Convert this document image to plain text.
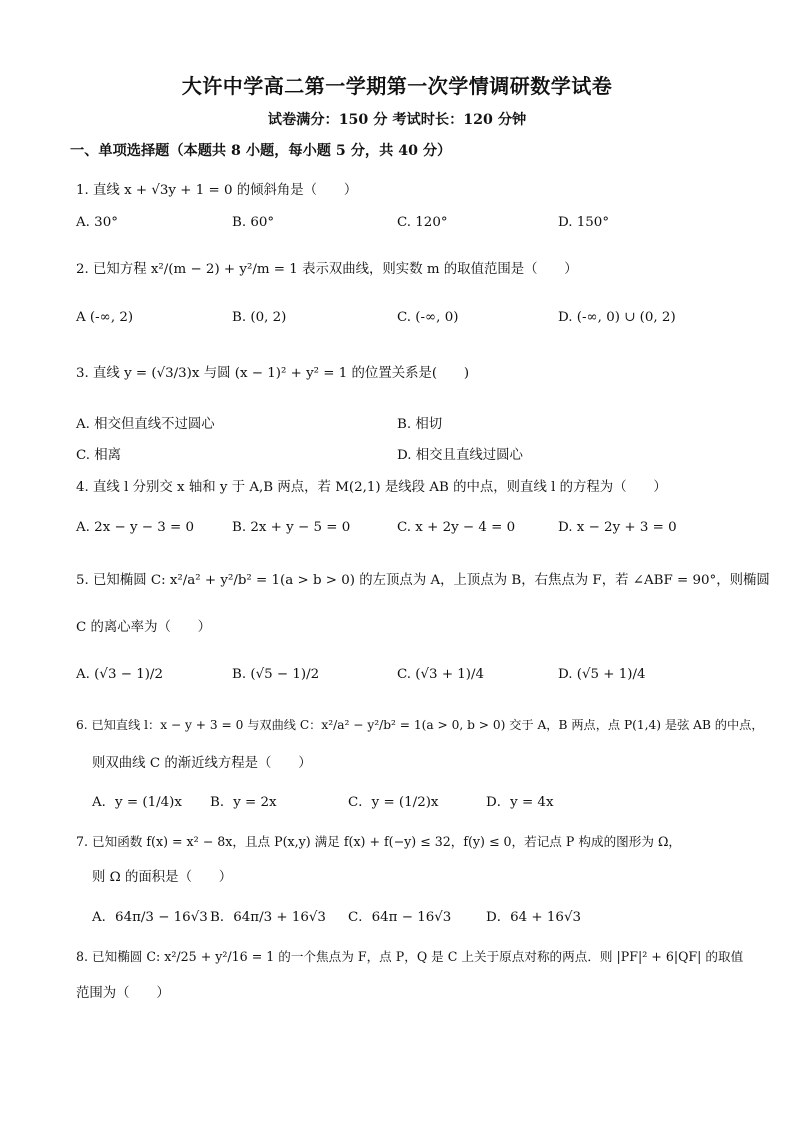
大许中学高二第一学期第一次学情调研数学试卷
试卷满分：150 分 考试时长：120 分钟
一、单项选择题（本题共 8 小题，每小题 5 分，共 40 分）
1. 直线 x + √3y + 1 = 0 的倾斜角是（　　）
A. 30°	B. 60°	C. 120°	D. 150°
2. 已知方程 x²/(m − 2) + y²/m = 1 表示双曲线，则实数 m 的取值范围是（　　）
A (-∞, 2)	B. (0, 2)	C. (-∞, 0)	D. (-∞, 0) ∪ (0, 2)
3. 直线 y = (√3/3)x 与圆 (x − 1)² + y² = 1 的位置关系是(　　)
A. 相交但直线不过圆心	B. 相切
C. 相离	D. 相交且直线过圆心
4. 直线 l 分别交 x 轴和 y 于 A,B 两点，若 M(2,1) 是线段 AB 的中点，则直线 l 的方程为（　　）
A. 2x − y − 3 = 0	B. 2x + y − 5 = 0	C. x + 2y − 4 = 0	D. x − 2y + 3 = 0
5. 已知椭圆 C: x²/a² + y²/b² = 1(a > b > 0) 的左顶点为 A，上顶点为 B，右焦点为 F，若 ∠ABF = 90°，则椭圆
C 的离心率为（　　）
A. (√3 − 1)/2	B. (√5 − 1)/2	C. (√3 + 1)/4	D. (√5 + 1)/4
6. 已知直线 l：x − y + 3 = 0 与双曲线 C：x²/a² − y²/b² = 1(a > 0, b > 0) 交于 A，B 两点，点 P(1,4) 是弦 AB 的中点，
则双曲线 C 的渐近线方程是（　　）
A．y = (1/4)x B．y = 2x	C．y = (1/2)x	D．y = 4x
7. 已知函数 f(x) = x² − 8x，且点 P(x,y) 满足 f(x) + f(−y) ≤ 32，f(y) ≤ 0，若记点 P 构成的图形为 Ω，
则 Ω 的面积是（　　）
A．64π/3 − 16√3 B．64π/3 + 16√3 C．64π − 16√3	D．64 + 16√3
8. 已知椭圆 C: x²/25 + y²/16 = 1 的一个焦点为 F，点 P，Q 是 C 上关于原点对称的两点．则 |PF|² + 6|QF| 的取值
范围为（　　）
